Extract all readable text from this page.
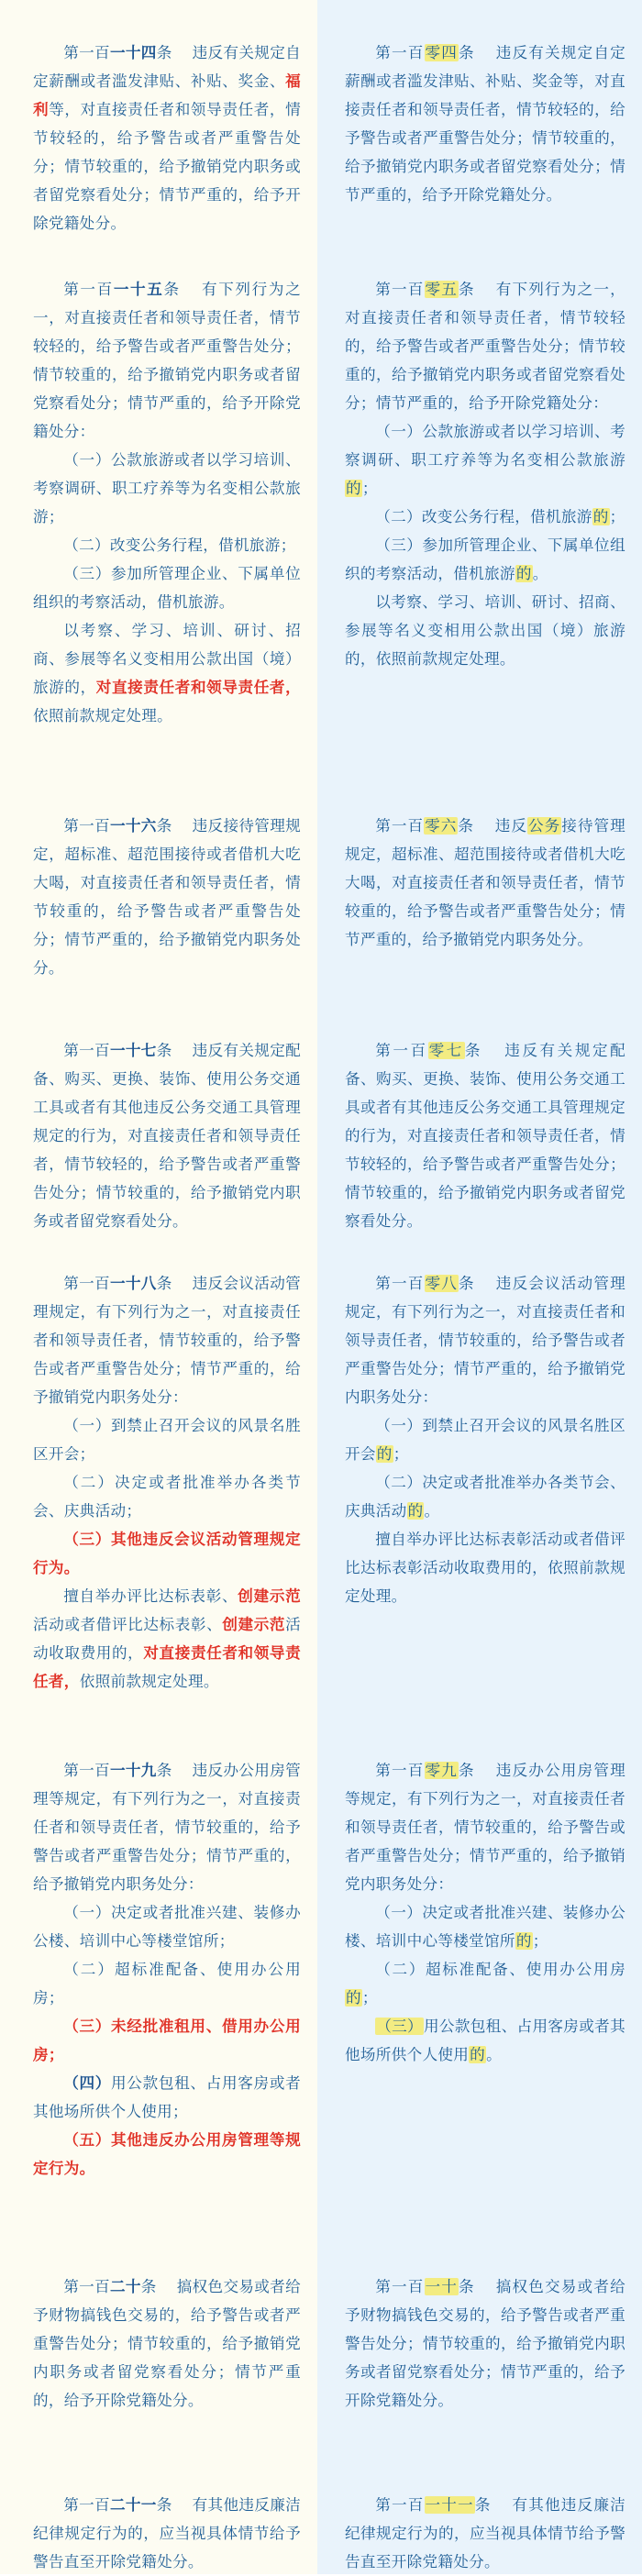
第一百一十四条 违反有关规定自定薪酬或者滥发津贴、补贴、奖金、福利等，对直接责任者和领导责任者，情节较轻的，给予警告或者严重警告处分；情节较重的，给予撤销党内职务或者留党察看处分；情节严重的，给予开除党籍处分。

第一百一十五条 有下列行为之一，对直接责任者和领导责任者，情节较轻的，给予警告或者严重警告处分；情节较重的，给予撤销党内职务或者留党察看处分；情节严重的，给予开除党籍处分：

（一）公款旅游或者以学习培训、考察调研、职工疗养等为名变相公款旅游；

（二）改变公务行程，借机旅游；

（三）参加所管理企业、下属单位组织的考察活动，借机旅游。

以考察、学习、培训、研讨、招商、参展等名义变相用公款出国（境）旅游的，对直接责任者和领导责任者，依照前款规定处理。

第一百一十六条 违反接待管理规定，超标准、超范围接待或者借机大吃大喝，对直接责任者和领导责任者，情节较重的，给予警告或者严重警告处分；情节严重的，给予撤销党内职务处分。

第一百一十七条 违反有关规定配备、购买、更换、装饰、使用公务交通工具或者有其他违反公务交通工具管理规定的行为，对直接责任者和领导责任者，情节较轻的，给予警告或者严重警告处分；情节较重的，给予撤销党内职务或者留党察看处分。

第一百一十八条 违反会议活动管理规定，有下列行为之一，对直接责任者和领导责任者，情节较重的，给予警告或者严重警告处分；情节严重的，给予撤销党内职务处分：

（一）到禁止召开会议的风景名胜区开会；

（二）决定或者批准举办各类节会、庆典活动；

（三）其他违反会议活动管理规定行为。

擅自举办评比达标表彰、创建示范活动或者借评比达标表彰、创建示范活动收取费用的，对直接责任者和领导责任者，依照前款规定处理。

第一百一十九条 违反办公用房管理等规定，有下列行为之一，对直接责任者和领导责任者，情节较重的，给予警告或者严重警告处分；情节严重的，给予撤销党内职务处分：

（一）决定或者批准兴建、装修办公楼、培训中心等楼堂馆所；

（二）超标准配备、使用办公用房；

（三）未经批准租用、借用办公用房；

（四）用公款包租、占用客房或者其他场所供个人使用；

（五）其他违反办公用房管理等规定行为。

第一百二十条 搞权色交易或者给予财物搞钱色交易的，给予警告或者严重警告处分；情节较重的，给予撤销党内职务或者留党察看处分；情节严重的，给予开除党籍处分。

第一百二十一条 有其他违反廉洁纪律规定行为的，应当视具体情节给予警告直至开除党籍处分。

第一百零四条 违反有关规定自定薪酬或者滥发津贴、补贴、奖金等，对直接责任者和领导责任者，情节较轻的，给予警告或者严重警告处分；情节较重的，给予撤销党内职务或者留党察看处分；情节严重的，给予开除党籍处分。

第一百零五条 有下列行为之一，对直接责任者和领导责任者，情节较轻的，给予警告或者严重警告处分；情节较重的，给予撤销党内职务或者留党察看处分；情节严重的，给予开除党籍处分：

（一）公款旅游或者以学习培训、考察调研、职工疗养等为名变相公款旅游的；

（二）改变公务行程，借机旅游的；

（三）参加所管理企业、下属单位组织的考察活动，借机旅游的。

以考察、学习、培训、研讨、招商、参展等名义变相用公款出国（境）旅游的，依照前款规定处理。

第一百零六条 违反公务接待管理规定，超标准、超范围接待或者借机大吃大喝，对直接责任者和领导责任者，情节较重的，给予警告或者严重警告处分；情节严重的，给予撤销党内职务处分。

第一百零七条 违反有关规定配备、购买、更换、装饰、使用公务交通工具或者有其他违反公务交通工具管理规定的行为，对直接责任者和领导责任者，情节较轻的，给予警告或者严重警告处分；情节较重的，给予撤销党内职务或者留党察看处分。

第一百零八条 违反会议活动管理规定，有下列行为之一，对直接责任者和领导责任者，情节较重的，给予警告或者严重警告处分；情节严重的，给予撤销党内职务处分：

（一）到禁止召开会议的风景名胜区开会的；

（二）决定或者批准举办各类节会、庆典活动的。

擅自举办评比达标表彰活动或者借评比达标表彰活动收取费用的，依照前款规定处理。

第一百零九条 违反办公用房管理等规定，有下列行为之一，对直接责任者和领导责任者，情节较重的，给予警告或者严重警告处分；情节严重的，给予撤销党内职务处分：

（一）决定或者批准兴建、装修办公楼、培训中心等楼堂馆所的；

（二）超标准配备、使用办公用房的；

（三）用公款包租、占用客房或者其他场所供个人使用的。

第一百一十条 搞权色交易或者给予财物搞钱色交易的，给予警告或者严重警告处分；情节较重的，给予撤销党内职务或者留党察看处分；情节严重的，给予开除党籍处分。

第一百一十一条 有其他违反廉洁纪律规定行为的，应当视具体情节给予警告直至开除党籍处分。
